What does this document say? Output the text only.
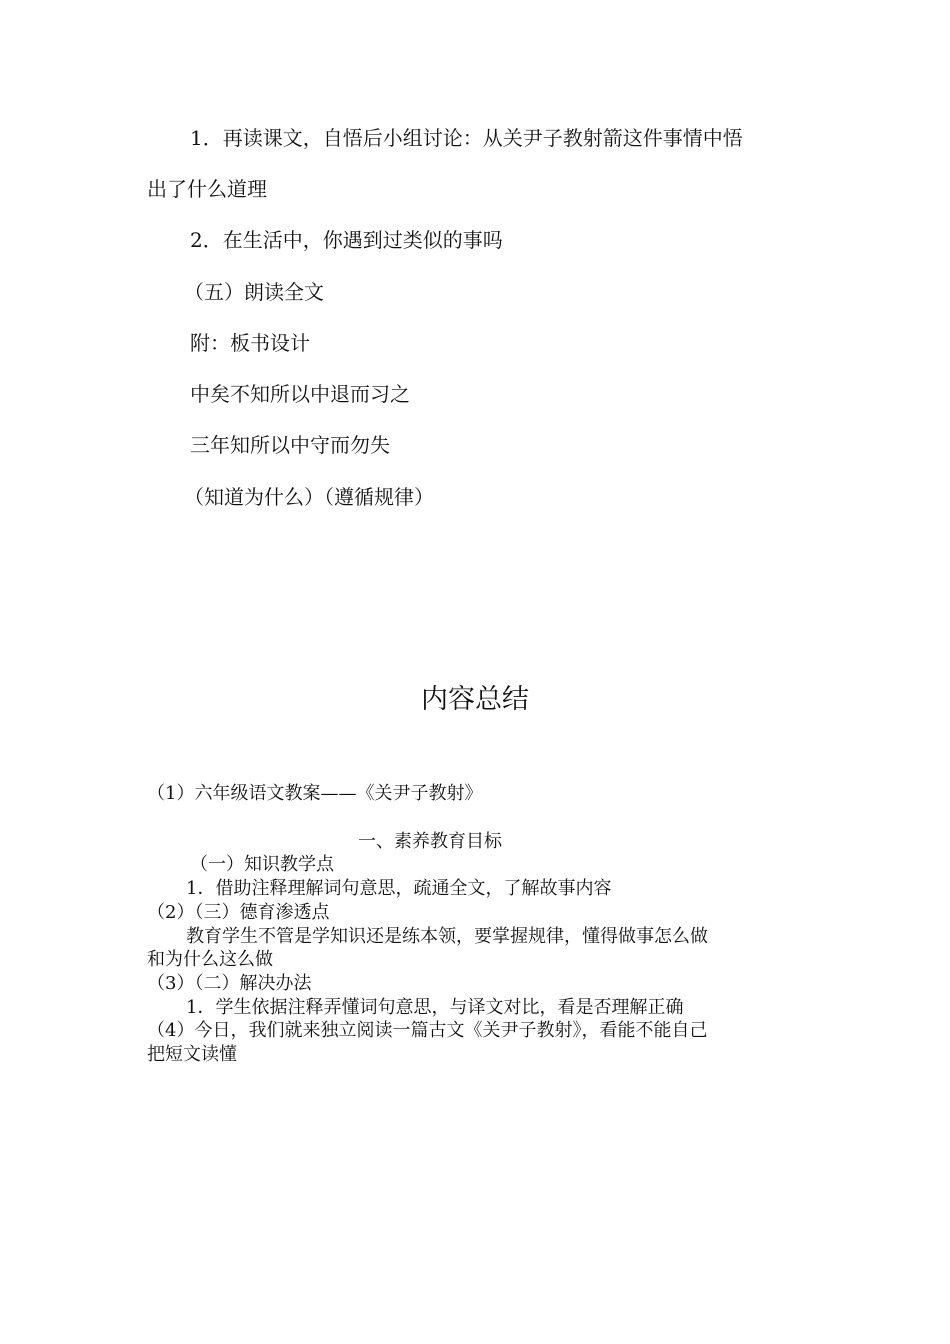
1．再读课文，自悟后小组讨论：从关尹子教射箭这件事情中悟

出了什么道理

2．在生活中，你遇到过类似的事吗

（五）朗读全文

附：板书设计

中矣不知所以中退而习之

三年知所以中守而勿失

（知道为什么）（遵循规律）

内容总结

（1）六年级语文教案——《关尹子教射》

一、素养教育目标

（一）知识教学点

1．借助注释理解词句意思，疏通全文，了解故事内容

（2）（三）德育渗透点

教育学生不管是学知识还是练本领，要掌握规律，懂得做事怎么做

和为什么这么做

（3）（二）解决办法

1．学生依据注释弄懂词句意思，与译文对比，看是否理解正确

（4）今日，我们就来独立阅读一篇古文《关尹子教射》，看能不能自己

把短文读懂
